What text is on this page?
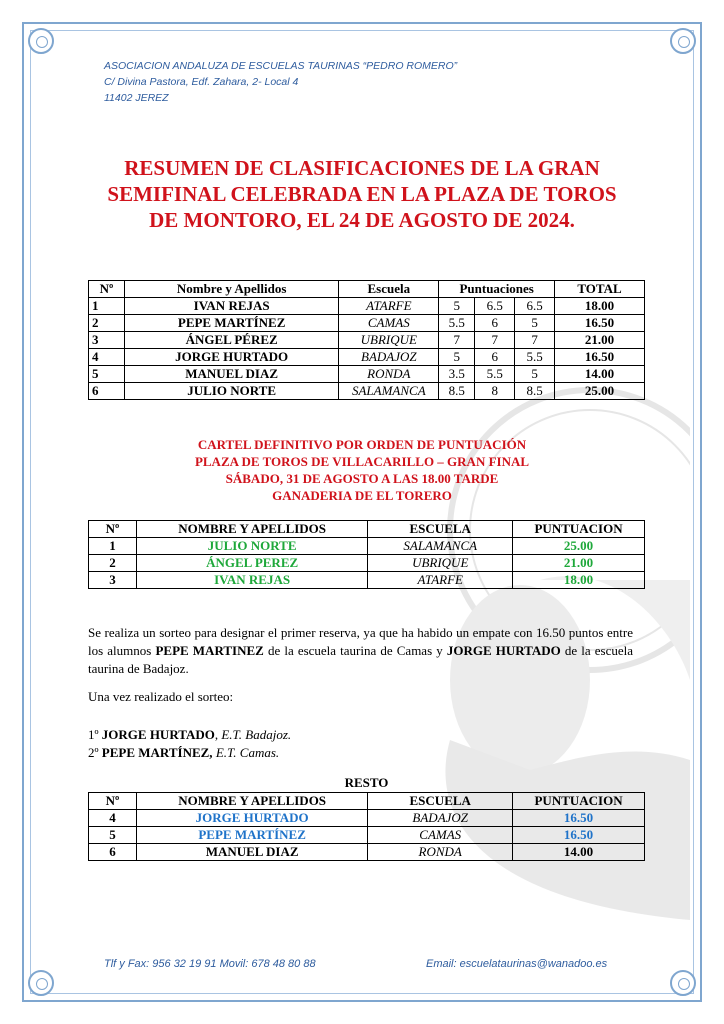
ASOCIACION ANDALUZA DE ESCUELAS TAURINAS “PEDRO ROMERO”
C/ Divina Pastora, Edf. Zahara, 2- Local 4
11402 JEREZ
RESUMEN DE CLASIFICACIONES DE LA GRAN
SEMIFINAL CELEBRADA EN LA PLAZA DE TOROS
DE MONTORO, EL 24 DE AGOSTO DE 2024.
Nº	Nombre y Apellidos	Escuela	Puntuaciones			TOTAL
1	IVAN REJAS	ATARFE	5	6.5	6.5	18.00
2	PEPE MARTÍNEZ	CAMAS	5.5	6	5	16.50
3	ÁNGEL PÉREZ	UBRIQUE	7	7	7	21.00
4	JORGE HURTADO	BADAJOZ	5	6	5.5	16.50
5	MANUEL DIAZ	RONDA	3.5	5.5	5	14.00
6	JULIO NORTE	SALAMANCA	8.5	8	8.5	25.00
CARTEL DEFINITIVO POR ORDEN DE PUNTUACIÓN
PLAZA DE TOROS DE VILLACARILLO – GRAN FINAL
SÁBADO, 31 DE AGOSTO A LAS 18.00 TARDE
GANADERIA DE EL TORERO
Nº	NOMBRE Y APELLIDOS	ESCUELA	PUNTUACION
1	JULIO NORTE	SALAMANCA	25.00
2	ÁNGEL PEREZ	UBRIQUE	21.00
3	IVAN REJAS	ATARFE	18.00
Se realiza un sorteo para designar el primer reserva, ya que ha habido un empate con 16.50 puntos entre los alumnos PEPE MARTINEZ de la escuela taurina de Camas y JORGE HURTADO de la escuela taurina de Badajoz.
Una vez realizado el sorteo:
1º JORGE HURTADO, E.T. Badajoz.
2º PEPE MARTÍNEZ, E.T. Camas.
RESTO
Nº	NOMBRE Y APELLIDOS	ESCUELA	PUNTUACION
4	JORGE HURTADO	BADAJOZ	16.50
5	PEPE MARTÍNEZ	CAMAS	16.50
6	MANUEL DIAZ	RONDA	14.00
Tlf y Fax: 956 32 19 91 Movil: 678 48 80 88	Email: escuelataurinas@wanadoo.es
